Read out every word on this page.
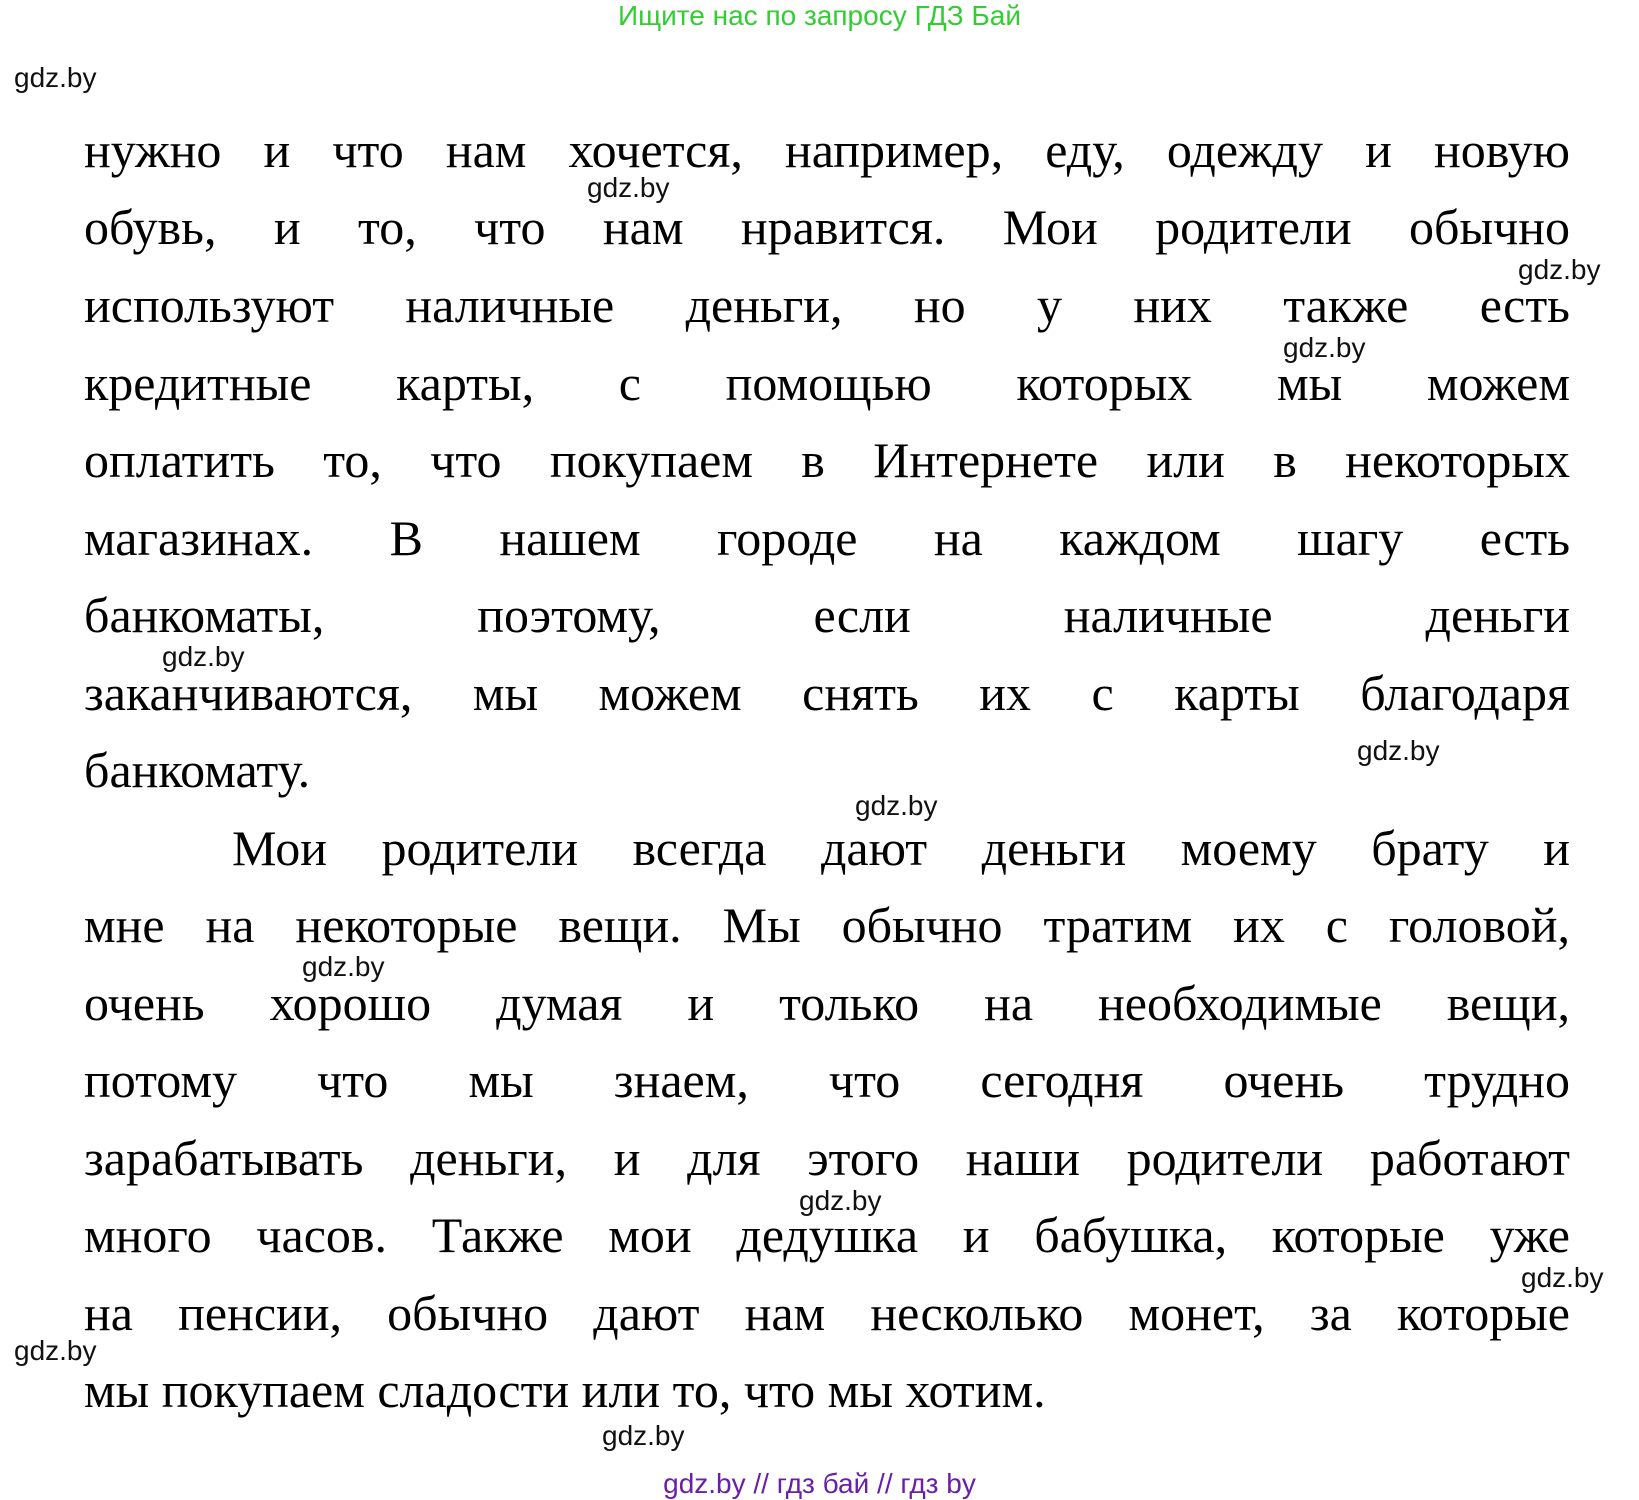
Ищите нас по запросу ГДЗ Бай
gdz.by
gdz.by
gdz.by
gdz.by
gdz.by
gdz.by
gdz.by
gdz.by
gdz.by
gdz.by
gdz.by
gdz.by
нужно и что нам хочется, например, еду, одежду и новую
обувь, и то, что нам нравится. Мои родители обычно
используют наличные деньги, но у них также есть
кредитные карты, с помощью которых мы можем
оплатить то, что покупаем в Интернете или в некоторых
магазинах. В нашем городе на каждом шагу есть
банкоматы, поэтому, если наличные деньги
заканчиваются, мы можем снять их с карты благодаря
банкомату.
Мои родители всегда дают деньги моему брату и
мне на некоторые вещи. Мы обычно тратим их с головой,
очень хорошо думая и только на необходимые вещи,
потому что мы знаем, что сегодня очень трудно
зарабатывать деньги, и для этого наши родители работают
много часов. Также мои дедушка и бабушка, которые уже
на пенсии, обычно дают нам несколько монет, за которые
мы покупаем сладости или то, что мы хотим.
gdz.by // гдз бай // гдз by
